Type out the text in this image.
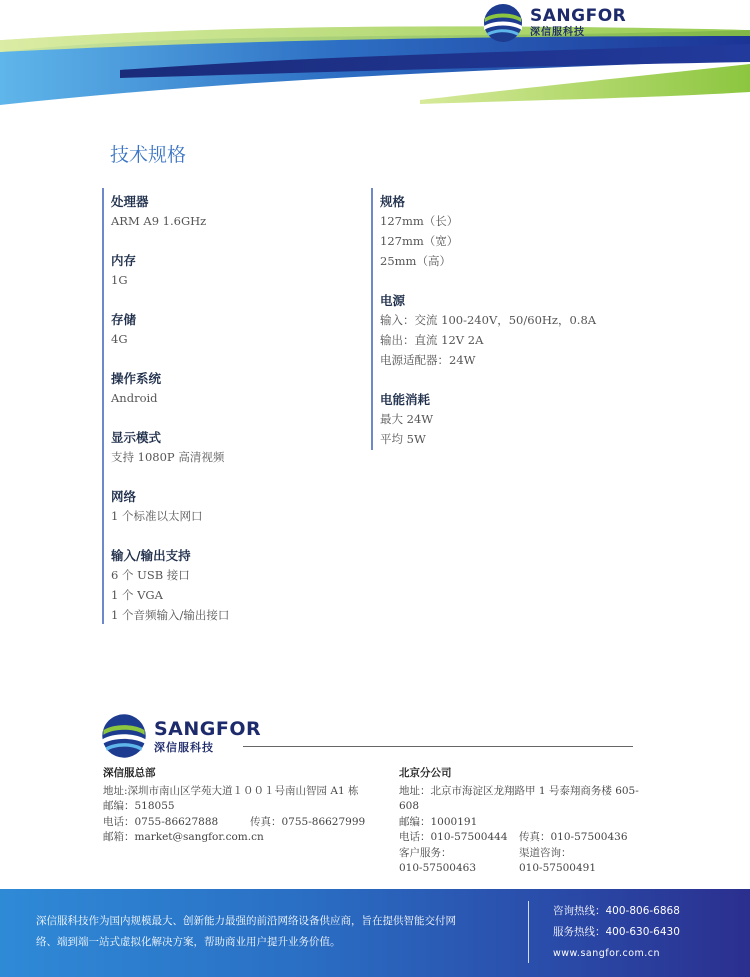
SANGFOR
深信服科技
技术规格
处理器
ARM A9 1.6GHz
内存
1G
存储
4G
操作系统
Android
显示模式
支持 1080P 高清视频
网络
1 个标准以太网口
输入/输出支持
6 个 USB 接口
1 个 VGA
1 个音频输入/输出接口
规格
127mm（长）
127mm（宽）
25mm（高）
电源
输入：交流 100-240V，50/60Hz，0.8A
输出：直流 12V 2A
电源适配器：24W
电能消耗
最大 24W
平均 5W
SANGFOR
深信服科技
深信服总部
地址:深圳市南山区学苑大道１００１号南山智园 A1 栋
邮编：518055
电话：0755-86627888	传真：0755-86627999
邮箱：market@sangfor.com.cn
北京分公司
地址：北京市海淀区龙翔路甲 1 号泰翔商务楼 605-608
邮编：1000191
电话：010-57500444	传真：010-57500436
客户服务：	渠道咨询：
010-57500463	010-57500491
深信服科技作为国内规模最大、创新能力最强的前沿网络设备供应商，旨在提供智能交付网
络、端到端一站式虚拟化解决方案，帮助商业用户提升业务价值。
咨询热线：400-806-6868
服务热线：400-630-6430
www.sangfor.com.cn
